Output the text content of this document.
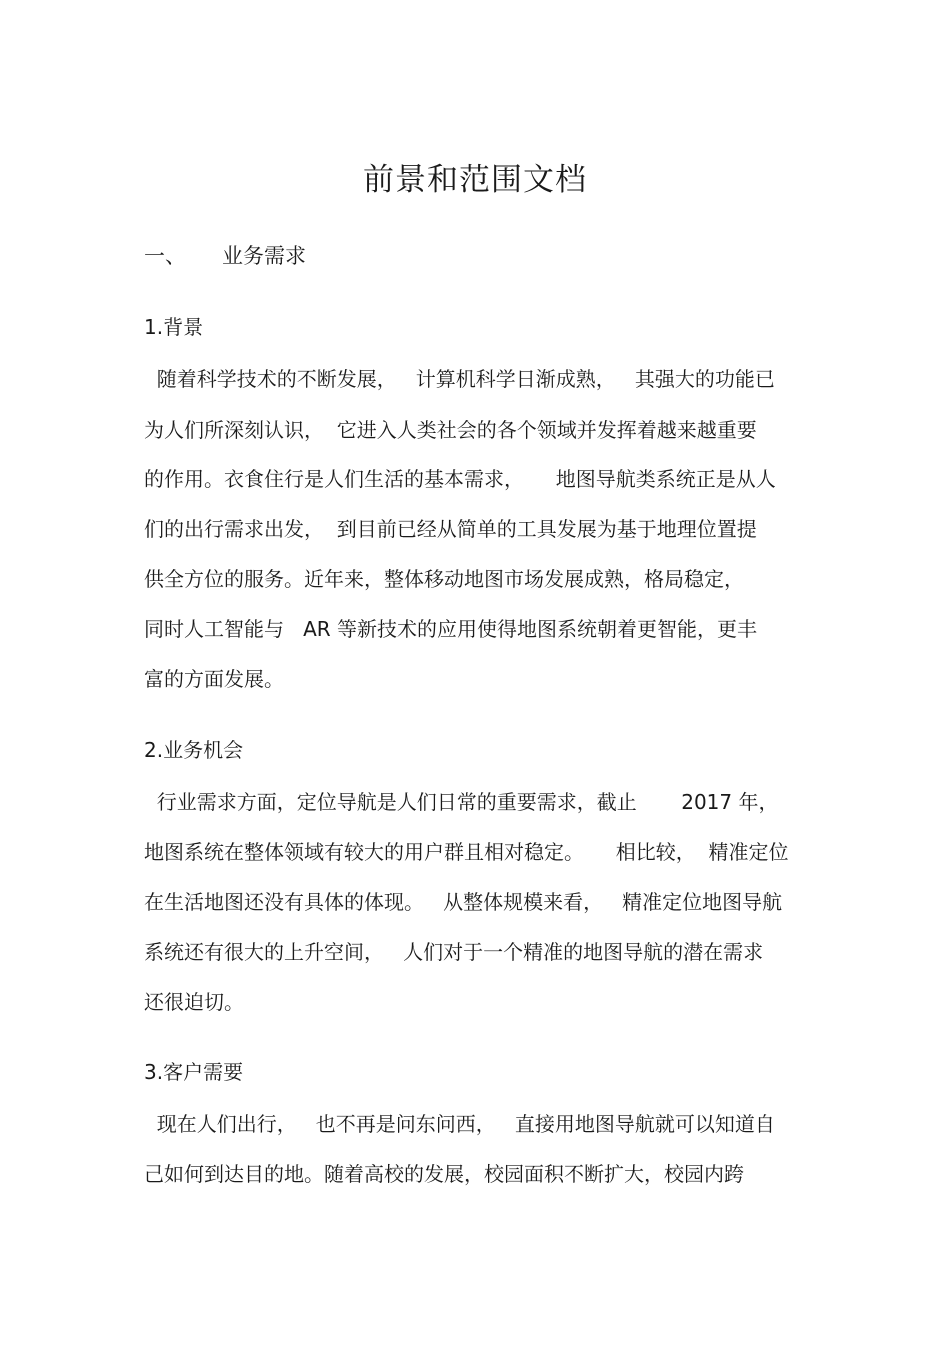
前景和范围文档
一、 业务需求
1.背景
随着科学技术的不断发展，   计算机科学日渐成熟，   其强大的功能已
为人们所深刻认识，  它进入人类社会的各个领域并发挥着越来越重要
的作用。衣食住行是人们生活的基本需求，     地图导航类系统正是从人
们的出行需求出发，  到目前已经从简单的工具发展为基于地理位置提
供全方位的服务。近年来，整体移动地图市场发展成熟，格局稳定，
同时人工智能与   AR 等新技术的应用使得地图系统朝着更智能，更丰
富的方面发展。
2.业务机会
行业需求方面，定位导航是人们日常的重要需求，截止       2017 年，
地图系统在整体领域有较大的用户群且相对稳定。     相比较，  精准定位
在生活地图还没有具体的体现。   从整体规模来看，   精准定位地图导航
系统还有很大的上升空间，   人们对于一个精准的地图导航的潜在需求
还很迫切。
3.客户需要
现在人们出行，   也不再是问东问西，   直接用地图导航就可以知道自
己如何到达目的地。随着高校的发展，校园面积不断扩大，校园内跨
